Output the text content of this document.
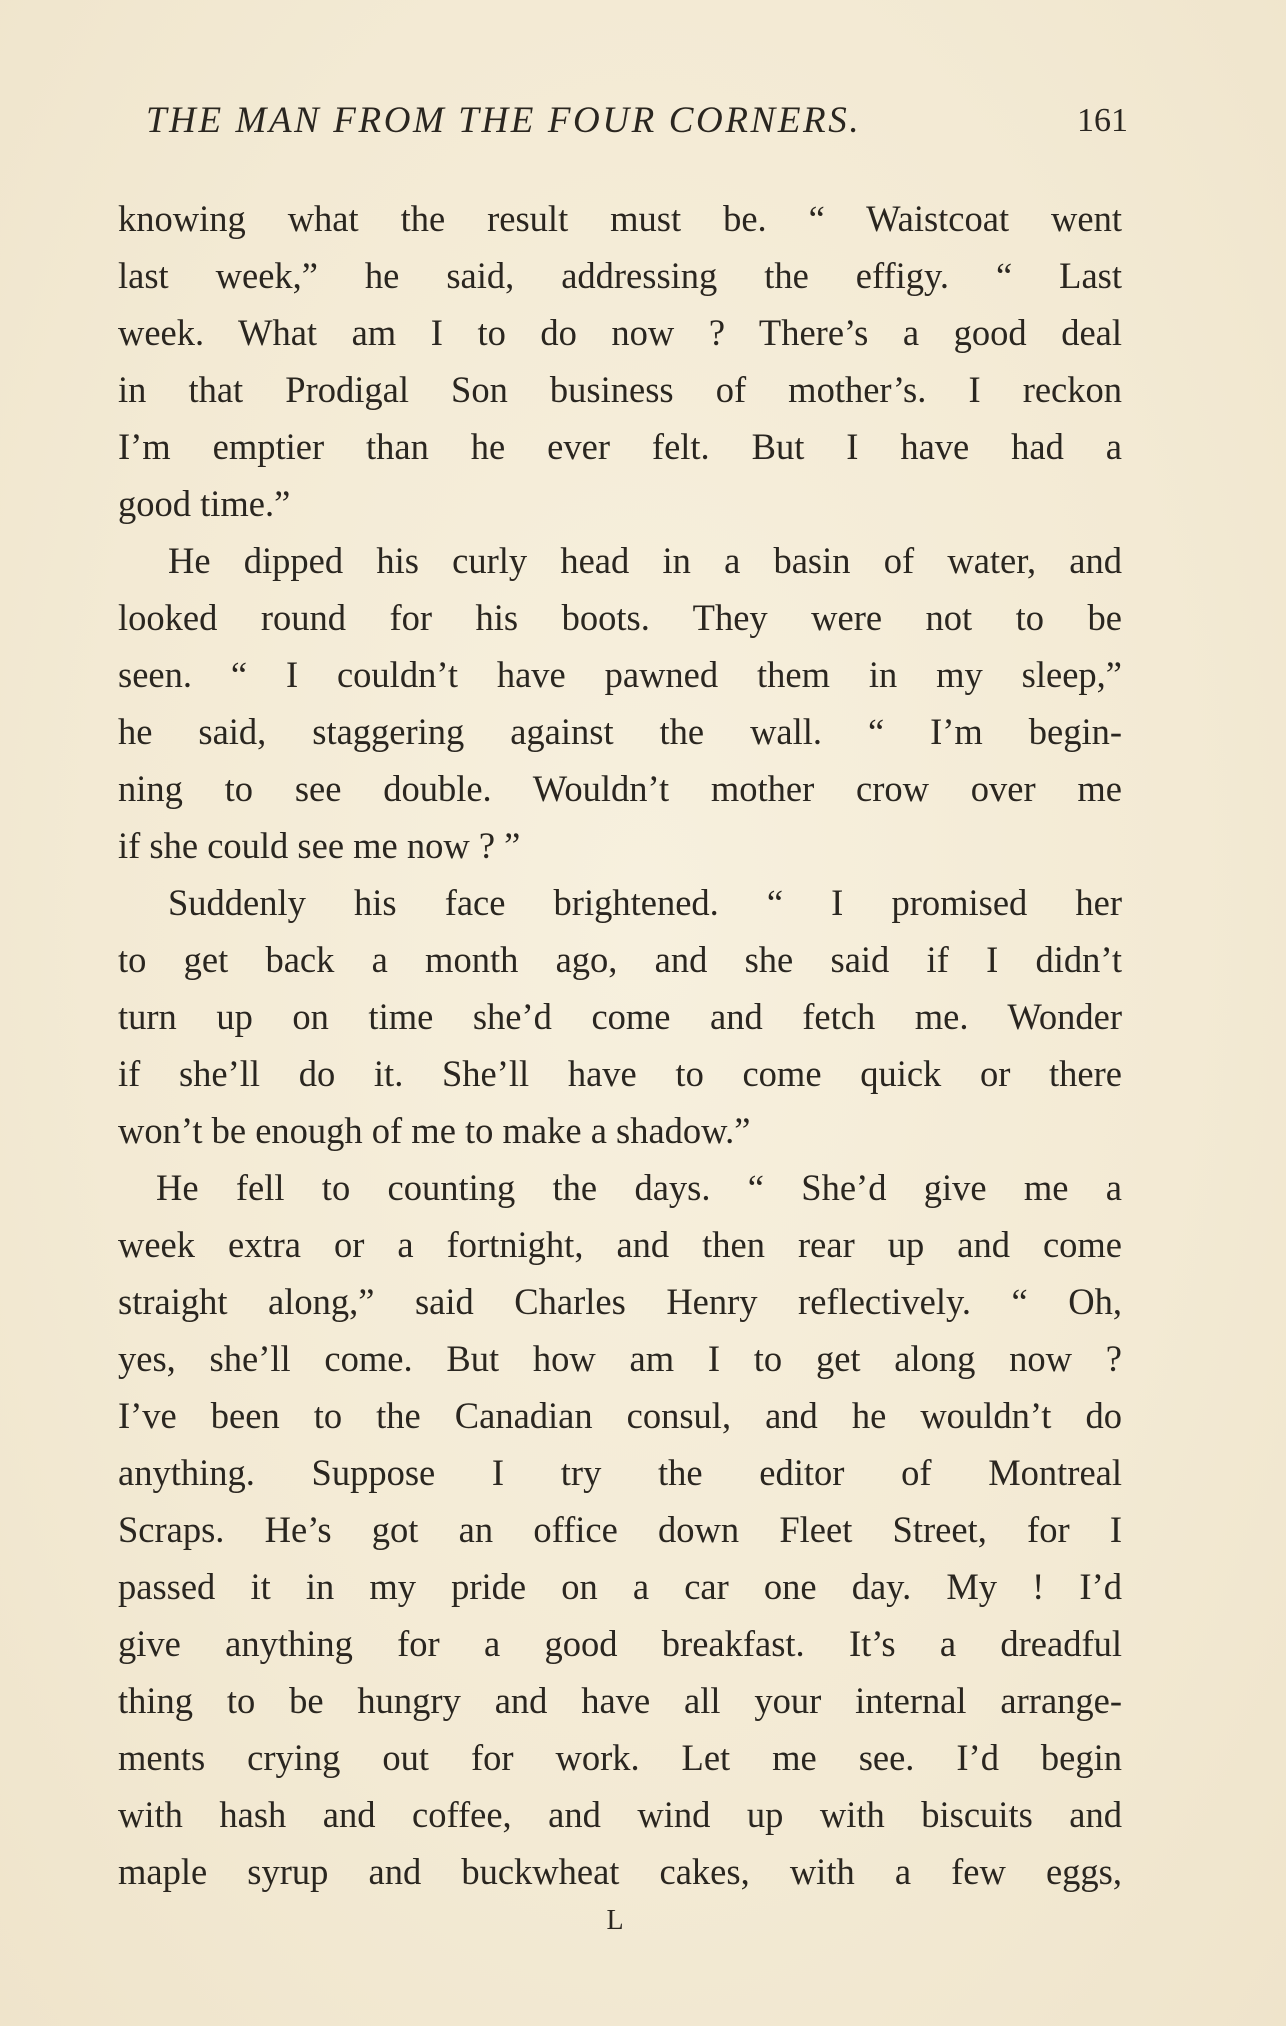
THE MAN FROM THE FOUR CORNERS.	161
knowing what the result must be. “ Waistcoat went
last week,” he said, addressing the effigy. “ Last
week. What am I to do now ? There’s a good deal
in that Prodigal Son business of mother’s. I reckon
I’m emptier than he ever felt. But I have had a
good time.”
He dipped his curly head in a basin of water, and
looked round for his boots. They were not to be
seen. “ I couldn’t have pawned them in my sleep,”
he said, staggering against the wall. “ I’m begin-
ning to see double. Wouldn’t mother crow over me
if she could see me now ? ”
Suddenly his face brightened. “ I promised her
to get back a month ago, and she said if I didn’t
turn up on time she’d come and fetch me. Wonder
if she’ll do it. She’ll have to come quick or there
won’t be enough of me to make a shadow.”
He fell to counting the days. “ She’d give me a
week extra or a fortnight, and then rear up and come
straight along,” said Charles Henry reflectively. “ Oh,
yes, she’ll come. But how am I to get along now ?
I’ve been to the Canadian consul, and he wouldn’t do
anything. Suppose I try the editor of Montreal
Scraps. He’s got an office down Fleet Street, for I
passed it in my pride on a car one day. My ! I’d
give anything for a good breakfast. It’s a dreadful
thing to be hungry and have all your internal arrange-
ments crying out for work. Let me see. I’d begin
with hash and coffee, and wind up with biscuits and
maple syrup and buckwheat cakes, with a few eggs,
L
